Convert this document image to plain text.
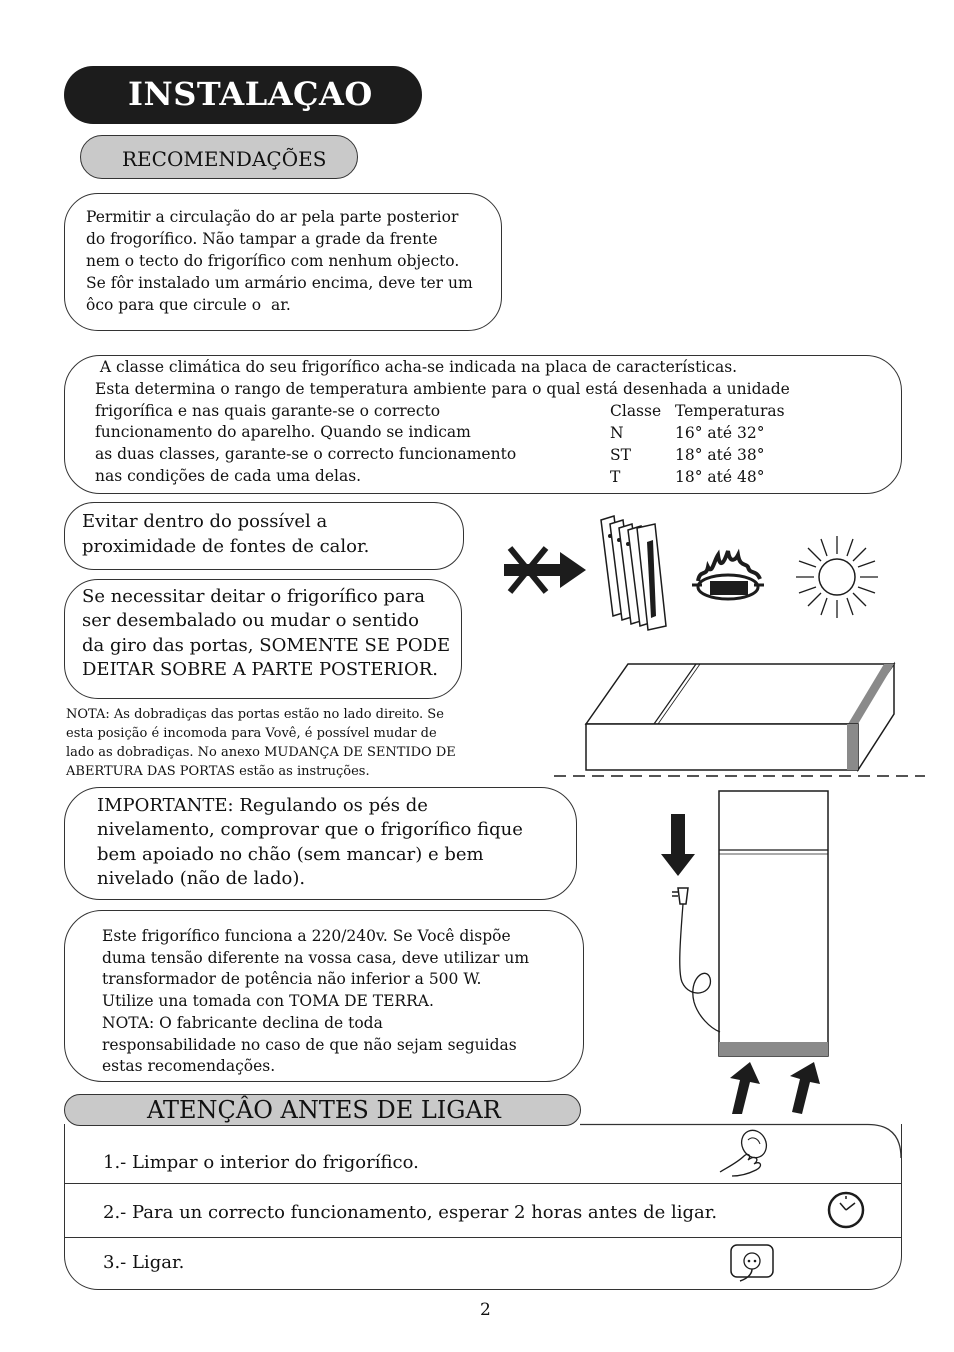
INSTALAÇAO
RECOMENDAÇÕES
Permitir a circulação do ar pela parte posterior
do frogorífico. Não tampar a grade da frente
nem o tecto do frigorífico com nenhum objecto.
Se fôr instalado um armário encima, deve ter um
ôco para que circule o  ar.
A classe climática do seu frigorífico acha-se indicada na placa de características.
Esta determina o rango de temperatura ambiente para o qual está desenhada a unidade
frigorífica e nas quais garante-se o correcto
funcionamento do aparelho. Quando se indicam
as duas classes, garante-se o correcto funcionamento
nas condições de cada uma delas.
Classe Temperaturas
N	16° até 32°
ST	18° até 38°
T	18° até 48°
Evitar dentro do possível a
proximidade de fontes de calor.
Se necessitar deitar o frigorífico para
ser desembalado ou mudar o sentido
da giro das portas, SOMENTE SE PODE
DEITAR SOBRE A PARTE POSTERIOR.
NOTA: As dobradiças das portas estão no lado direito. Se
esta posição é incomoda para Vovê, é possível mudar de
lado as dobradiças. No anexo MUDANÇA DE SENTIDO DE
ABERTURA DAS PORTAS estão as instruções.
IMPORTANTE: Regulando os pés de
nivelamento, comprovar que o frigorífico fique
bem apoiado no chão (sem mancar) e bem
nivelado (não de lado).
Este frigorífico funciona a 220/240v. Se Você dispõe
duma tensão diferente na vossa casa, deve utilizar um
transformador de potência não inferior a 500 W.
Utilize una tomada con TOMA DE TERRA.
NOTA: O fabricante declina de toda
responsabilidade no caso de que não sejam seguidas
estas recomendações.
ATENÇÂO ANTES DE LIGAR
1.- Limpar o interior do frigorífico.
2.- Para un correcto funcionamento, esperar 2 horas antes de ligar.
3.- Ligar.
2
